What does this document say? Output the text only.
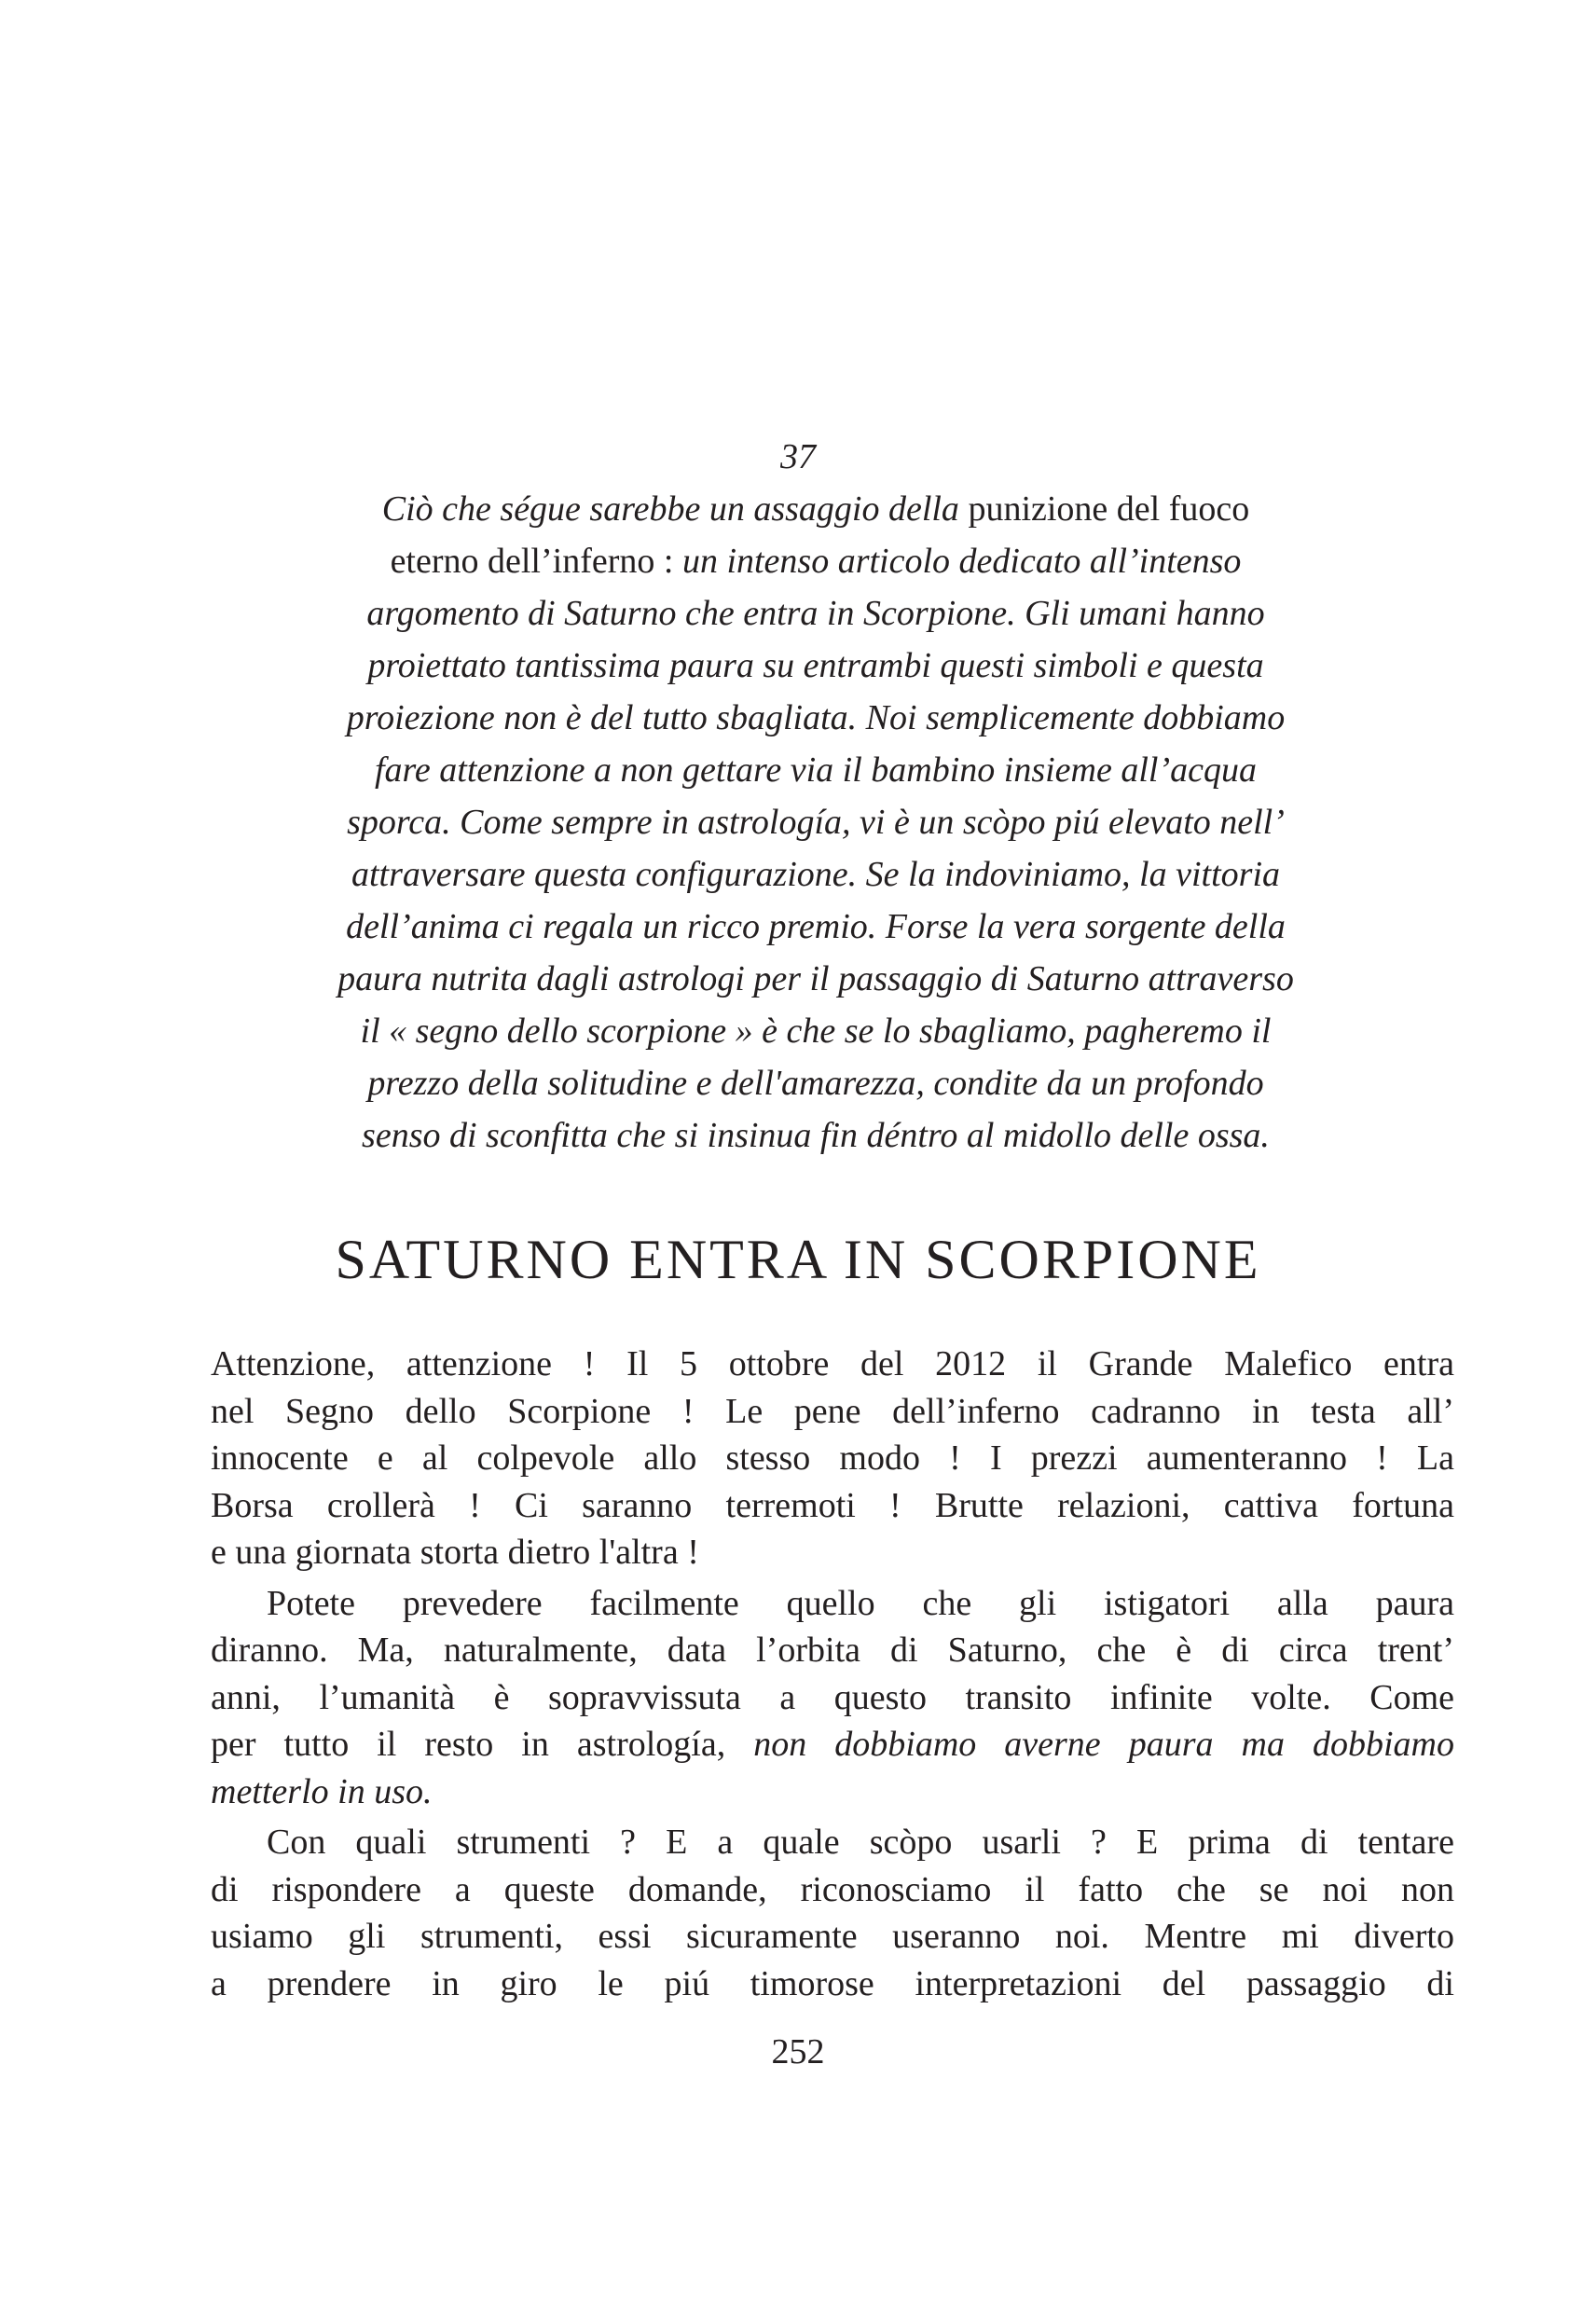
37
Ciò che ségue sarebbe un assaggio della punizione del fuoco
eterno dell’inferno : un intenso articolo dedicato all’intenso
argomento di Saturno che entra in Scorpione. Gli umani hanno
proiettato tantissima paura su entrambi questi simboli e questa
proiezione non è del tutto sbagliata. Noi semplicemente dobbiamo
fare attenzione a non gettare via il bambino insieme all’acqua
sporca. Come sempre in astrología, vi è un scòpo piú elevato nell’
attraversare questa configurazione. Se la indoviniamo, la vittoria
dell’anima ci regala un ricco premio. Forse la vera sorgente della
paura nutrita dagli astrologi per il passaggio di Saturno attraverso
il « segno dello scorpione » è che se lo sbagliamo, pagheremo il
prezzo della solitudine e dell'amarezza, condite da un profondo
senso di sconfitta che si insinua fin déntro al midollo delle ossa.
SATURNO ENTRA IN SCORPIONE
Attenzione, attenzione ! Il 5 ottobre del 2012 il Grande Malefico entra
nel Segno dello Scorpione ! Le pene dell’inferno cadranno in testa all’
innocente e al colpevole allo stesso modo ! I prezzi aumenteranno ! La
Borsa crollerà ! Ci saranno terremoti ! Brutte relazioni, cattiva fortuna
e una giornata storta dietro l'altra !
Potete prevedere facilmente quello che gli istigatori alla paura
diranno. Ma, naturalmente, data l’orbita di Saturno, che è di circa trent’
anni, l’umanità è sopravvissuta a questo transito infinite volte. Come
per tutto il resto in astrología, non dobbiamo averne paura ma dobbiamo
metterlo in uso.
Con quali strumenti ? E a quale scòpo usarli ? E prima di tentare
di rispondere a queste domande, riconosciamo il fatto che se noi non
usiamo gli strumenti, essi sicuramente useranno noi. Mentre mi diverto
a prendere in giro le piú timorose interpretazioni del passaggio di
252
